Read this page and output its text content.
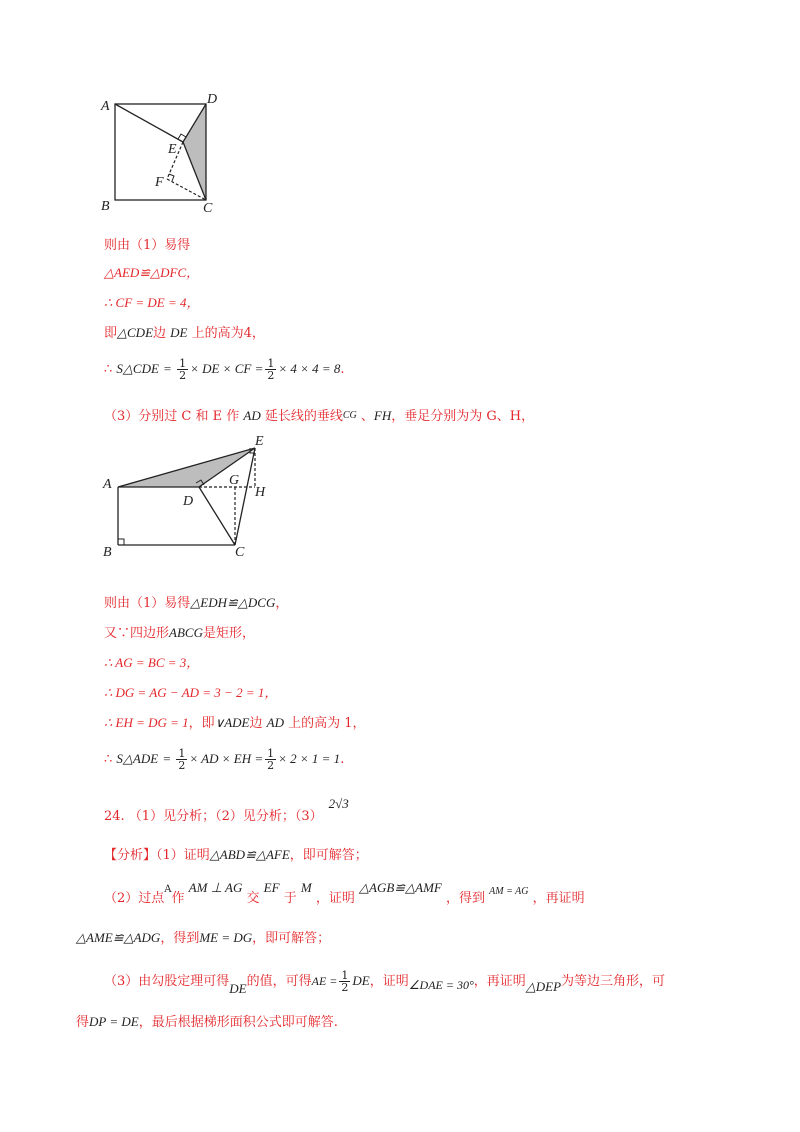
A	D
E
F
B	C
则由（1）易得
△AED≌△DFC，
∴ CF = DE = 4，
即△CDE边 DE 上的高为4，
∴ S△CDE = $\frac{1}{2}$ × DE × CF = $\frac{1}{2} \times 4 \times 4 = 8$.
（3）分别过 C 和 E 作 AD 延长线的垂线$^{CG}$ 、FH，垂足分别为为 G、H，
A
B	C
D
E
G
H
则由（1）易得△EDH≌△DCG，
又∵四边形ABCG是矩形，
∴ AG = BC = 3，
∴ DG = AG − AD = 3 − 2 = 1，
∴ EH = DG = 1，即∨ADE边 AD 上的高为 1，
∴ S△ADE = $\frac{1}{2}$ × AD × EH = $\frac{1}{2} \times 2 \times 1 = 1$.
24. （1）见分析；（2）见分析；（3）2√3
【分析】（1）证明△ABD≌△AFE，即可解答；
（2）过点$^A$作 AM ⊥ AG 交 EF 于 M ，证明 △AGB≌△AMF ，得到 $^{AM = AG}$ ，再证明
△AME≌△ADG，得到ME = DG，即可解答；
（3）由勾股定理可得DE的值，可得AE = $\frac{1}{2}$ DE，证明∠DAE = 30°，再证明△DEP为等边三角形，可
得DP = DE，最后根据梯形面积公式即可解答.
